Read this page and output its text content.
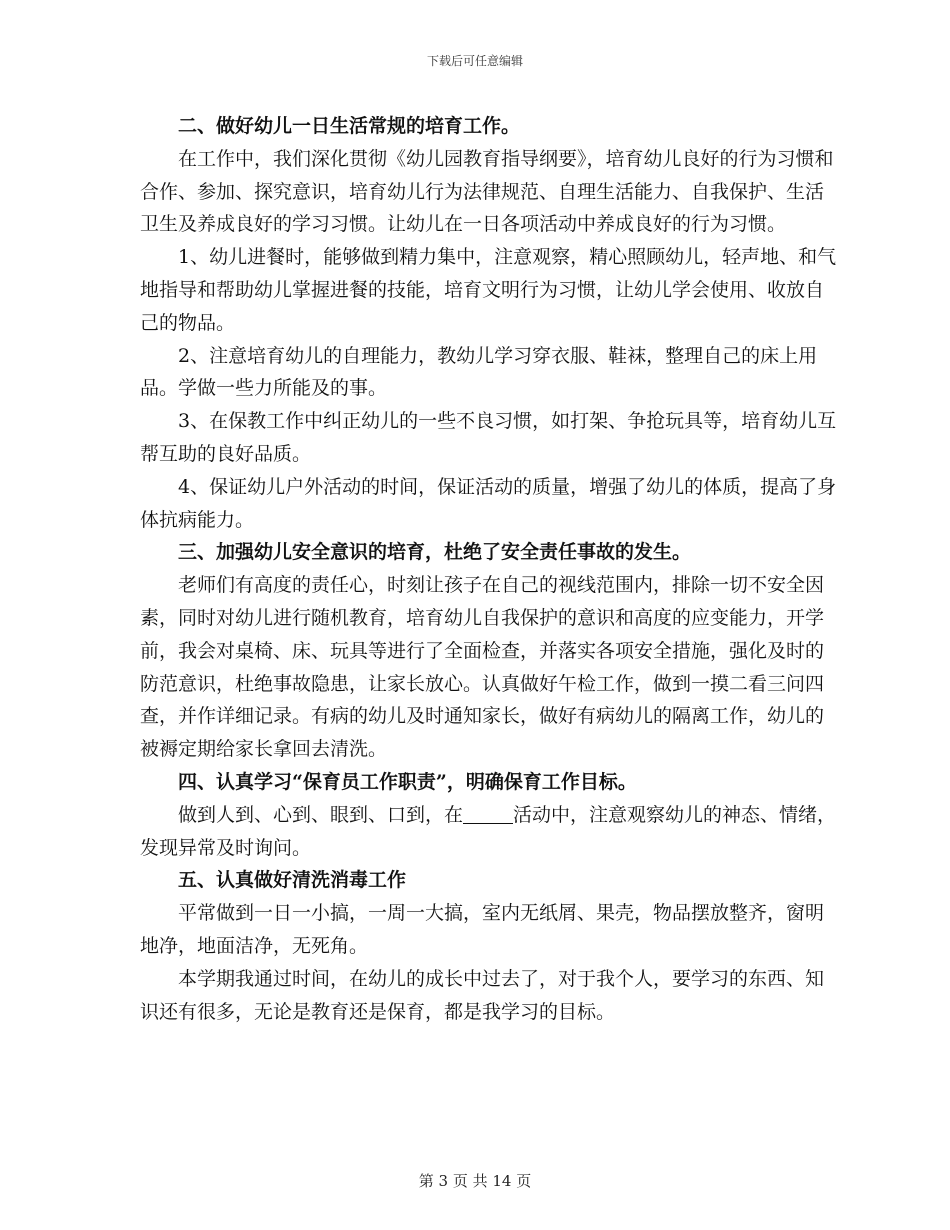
下载后可任意编辑

二、做好幼儿一日生活常规的培育工作。

在工作中，我们深化贯彻《幼儿园教育指导纲要》，培育幼儿良好的行为习惯和合作、参加、探究意识，培育幼儿行为法律规范、自理生活能力、自我保护、生活卫生及养成良好的学习习惯。让幼儿在一日各项活动中养成良好的行为习惯。

1、幼儿进餐时，能够做到精力集中，注意观察，精心照顾幼儿，轻声地、和气地指导和帮助幼儿掌握进餐的技能，培育文明行为习惯，让幼儿学会使用、收放自己的物品。

2、注意培育幼儿的自理能力，教幼儿学习穿衣服、鞋袜，整理自己的床上用品。学做一些力所能及的事。

3、在保教工作中纠正幼儿的一些不良习惯，如打架、争抢玩具等，培育幼儿互帮互助的良好品质。

4、保证幼儿户外活动的时间，保证活动的质量，增强了幼儿的体质，提高了身体抗病能力。

三、加强幼儿安全意识的培育，杜绝了安全责任事故的发生。

老师们有高度的责任心，时刻让孩子在自己的视线范围内，排除一切不安全因素，同时对幼儿进行随机教育，培育幼儿自我保护的意识和高度的应变能力，开学前，我会对桌椅、床、玩具等进行了全面检查，并落实各项安全措施，强化及时的防范意识，杜绝事故隐患，让家长放心。认真做好午检工作，做到一摸二看三问四查，并作详细记录。有病的幼儿及时通知家长，做好有病幼儿的隔离工作，幼儿的被褥定期给家长拿回去清洗。

四、认真学习“保育员工作职责”，明确保育工作目标。

做到人到、心到、眼到、口到，在	活动中，注意观察幼儿的神态、情绪，发现异常及时询问。

五、认真做好清洗消毒工作

平常做到一日一小搞，一周一大搞，室内无纸屑、果壳，物品摆放整齐，窗明地净，地面洁净，无死角。

本学期我通过时间，在幼儿的成长中过去了，对于我个人，要学习的东西、知识还有很多，无论是教育还是保育，都是我学习的目标。

第 3 页 共 14 页
